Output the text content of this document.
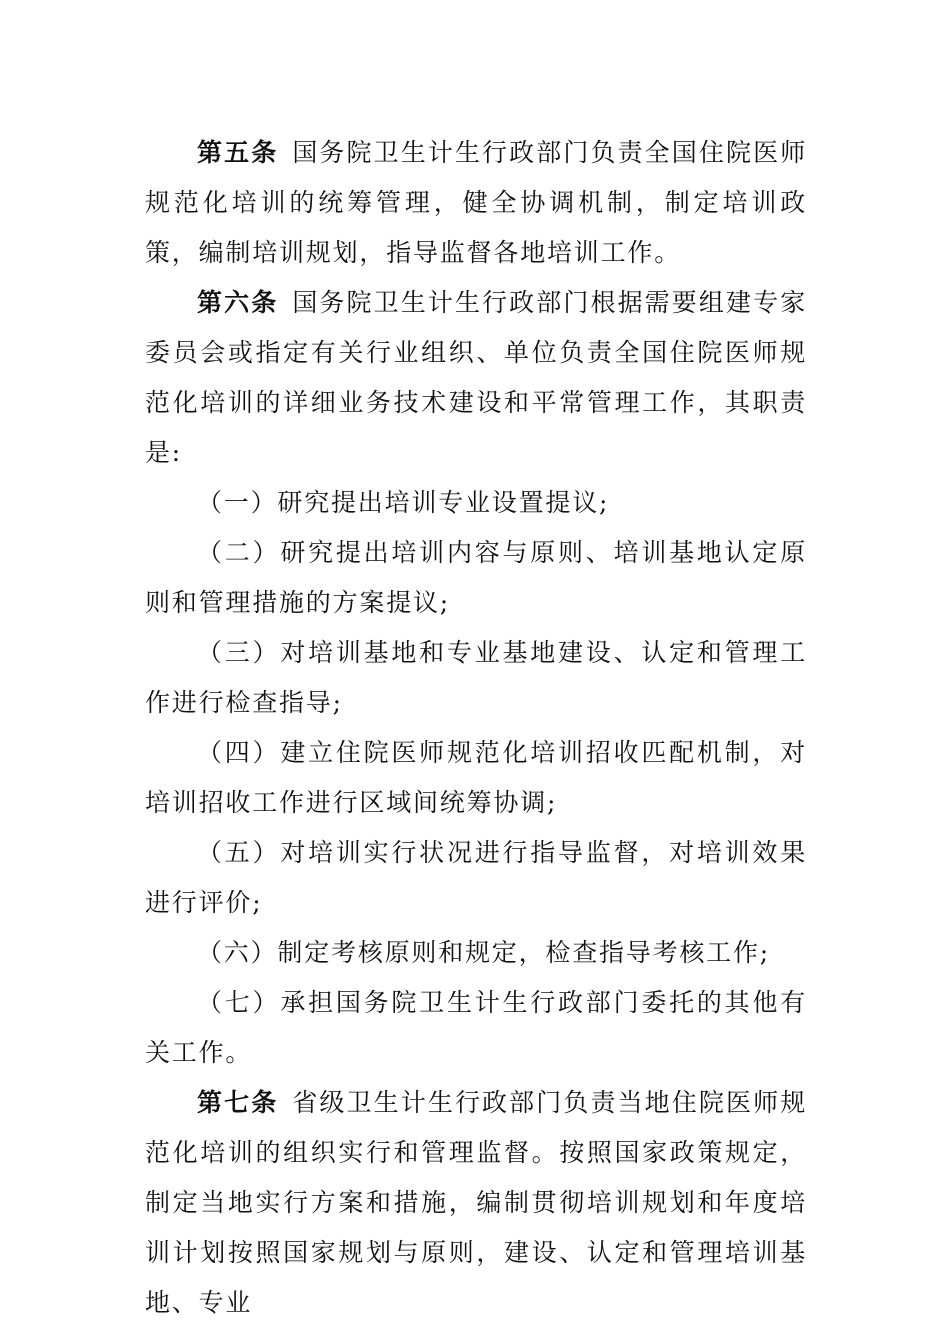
第五条 国务院卫生计生行政部门负责全国住院医师规范化培训的统筹管理，健全协调机制，制定培训政策，编制培训规划，指导监督各地培训工作。

第六条 国务院卫生计生行政部门根据需要组建专家委员会或指定有关行业组织、单位负责全国住院医师规范化培训的详细业务技术建设和平常管理工作，其职责是:

（一）研究提出培训专业设置提议;

（二）研究提出培训内容与原则、培训基地认定原则和管理措施的方案提议;

（三）对培训基地和专业基地建设、认定和管理工作进行检查指导;

（四）建立住院医师规范化培训招收匹配机制，对培训招收工作进行区域间统筹协调;

（五）对培训实行状况进行指导监督，对培训效果进行评价;

（六）制定考核原则和规定，检查指导考核工作;

（七）承担国务院卫生计生行政部门委托的其他有关工作。

第七条 省级卫生计生行政部门负责当地住院医师规范化培训的组织实行和管理监督。按照国家政策规定，制定当地实行方案和措施，编制贯彻培训规划和年度培训计划按照国家规划与原则，建设、认定和管理培训基地、专业
